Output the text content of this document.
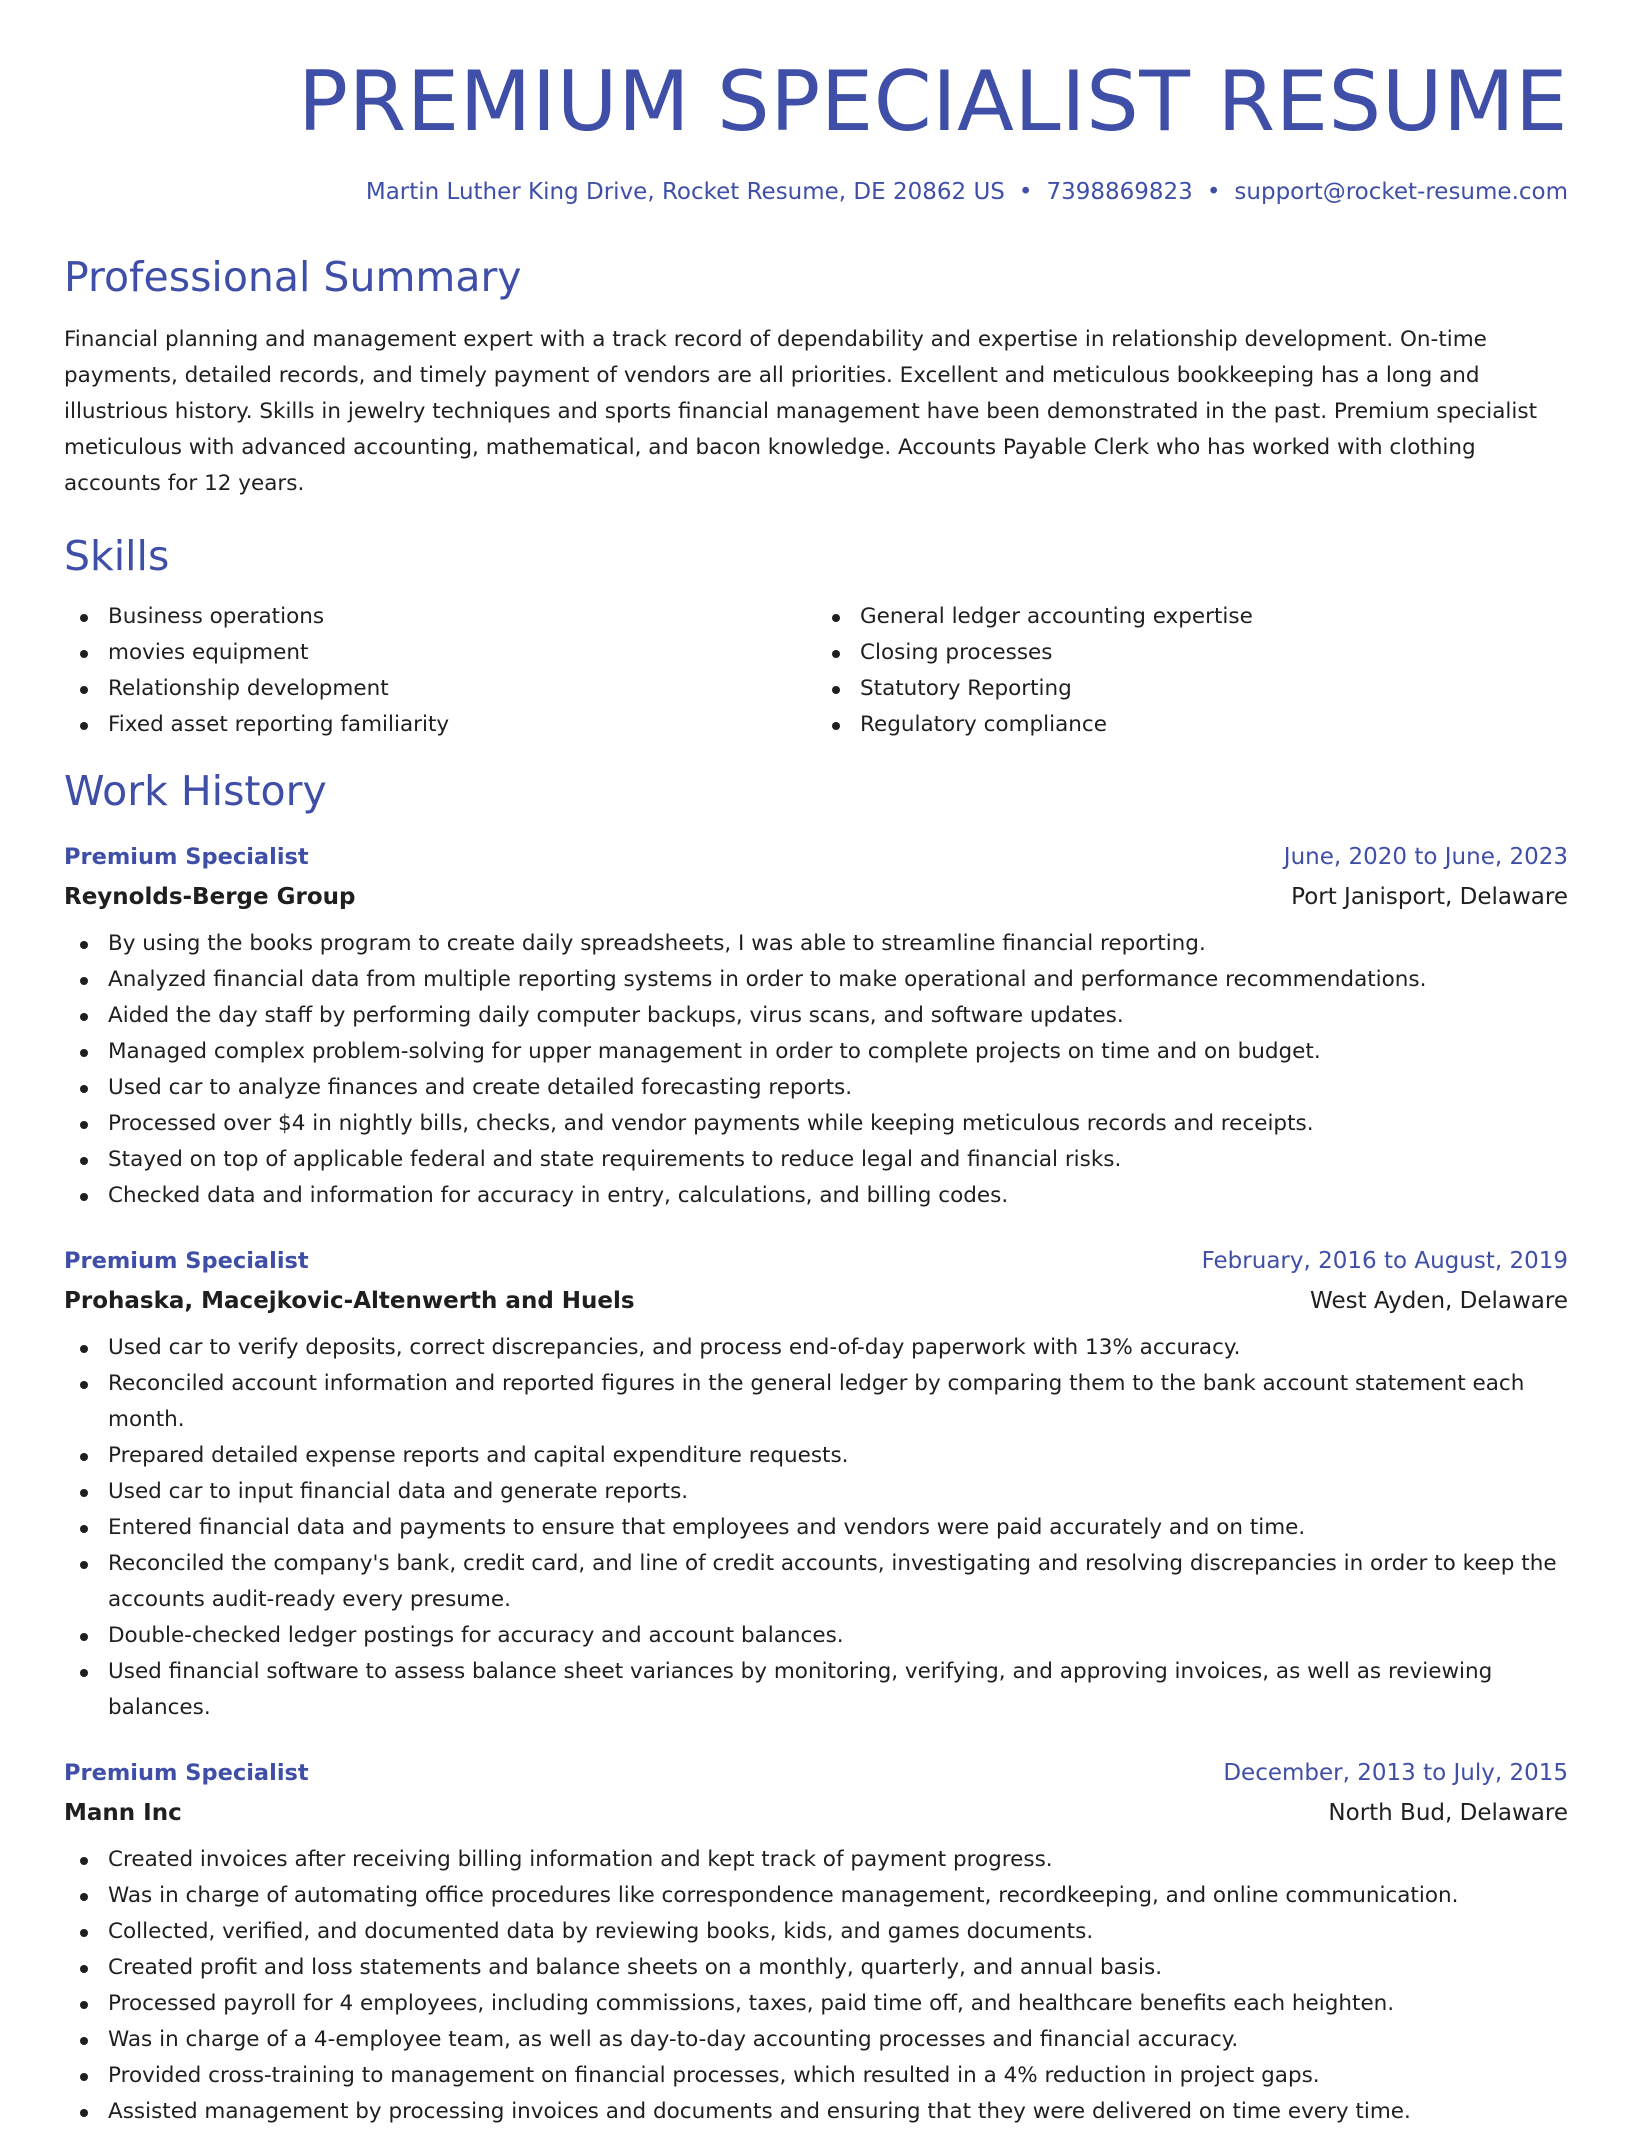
PREMIUM SPECIALIST RESUME
Martin Luther King Drive, Rocket Resume, DE 20862 US • 7398869823 • support@rocket-resume.com
Professional Summary

Financial planning and management expert with a track record of dependability and expertise in relationship development. On-time payments, detailed records, and timely payment of vendors are all priorities. Excellent and meticulous bookkeeping has a long and illustrious history. Skills in jewelry techniques and sports financial management have been demonstrated in the past. Premium specialist meticulous with advanced accounting, mathematical, and bacon knowledge. Accounts Payable Clerk who has worked with clothing accounts for 12 years.

Skills
Business operations
movies equipment
Relationship development
Fixed asset reporting familiarity
General ledger accounting expertise
Closing processes
Statutory Reporting
Regulatory compliance
Work History
Premium Specialist	June, 2020 to June, 2023
Reynolds-Berge Group	Port Janisport, Delaware
By using the books program to create daily spreadsheets, I was able to streamline financial reporting.
Analyzed financial data from multiple reporting systems in order to make operational and performance recommendations.
Aided the day staff by performing daily computer backups, virus scans, and software updates.
Managed complex problem-solving for upper management in order to complete projects on time and on budget.
Used car to analyze finances and create detailed forecasting reports.
Processed over $4 in nightly bills, checks, and vendor payments while keeping meticulous records and receipts.
Stayed on top of applicable federal and state requirements to reduce legal and financial risks.
Checked data and information for accuracy in entry, calculations, and billing codes.
Premium Specialist	February, 2016 to August, 2019
Prohaska, Macejkovic-Altenwerth and Huels	West Ayden, Delaware
Used car to verify deposits, correct discrepancies, and process end-of-day paperwork with 13% accuracy.
Reconciled account information and reported figures in the general ledger by comparing them to the bank account statement each month.
Prepared detailed expense reports and capital expenditure requests.
Used car to input financial data and generate reports.
Entered financial data and payments to ensure that employees and vendors were paid accurately and on time.
Reconciled the company's bank, credit card, and line of credit accounts, investigating and resolving discrepancies in order to keep the accounts audit-ready every presume.
Double-checked ledger postings for accuracy and account balances.
Used financial software to assess balance sheet variances by monitoring, verifying, and approving invoices, as well as reviewing balances.
Premium Specialist	December, 2013 to July, 2015
Mann Inc	North Bud, Delaware
Created invoices after receiving billing information and kept track of payment progress.
Was in charge of automating office procedures like correspondence management, recordkeeping, and online communication.
Collected, verified, and documented data by reviewing books, kids, and games documents.
Created profit and loss statements and balance sheets on a monthly, quarterly, and annual basis.
Processed payroll for 4 employees, including commissions, taxes, paid time off, and healthcare benefits each heighten.
Was in charge of a 4-employee team, as well as day-to-day accounting processes and financial accuracy.
Provided cross-training to management on financial processes, which resulted in a 4% reduction in project gaps.
Assisted management by processing invoices and documents and ensuring that they were delivered on time every time.
